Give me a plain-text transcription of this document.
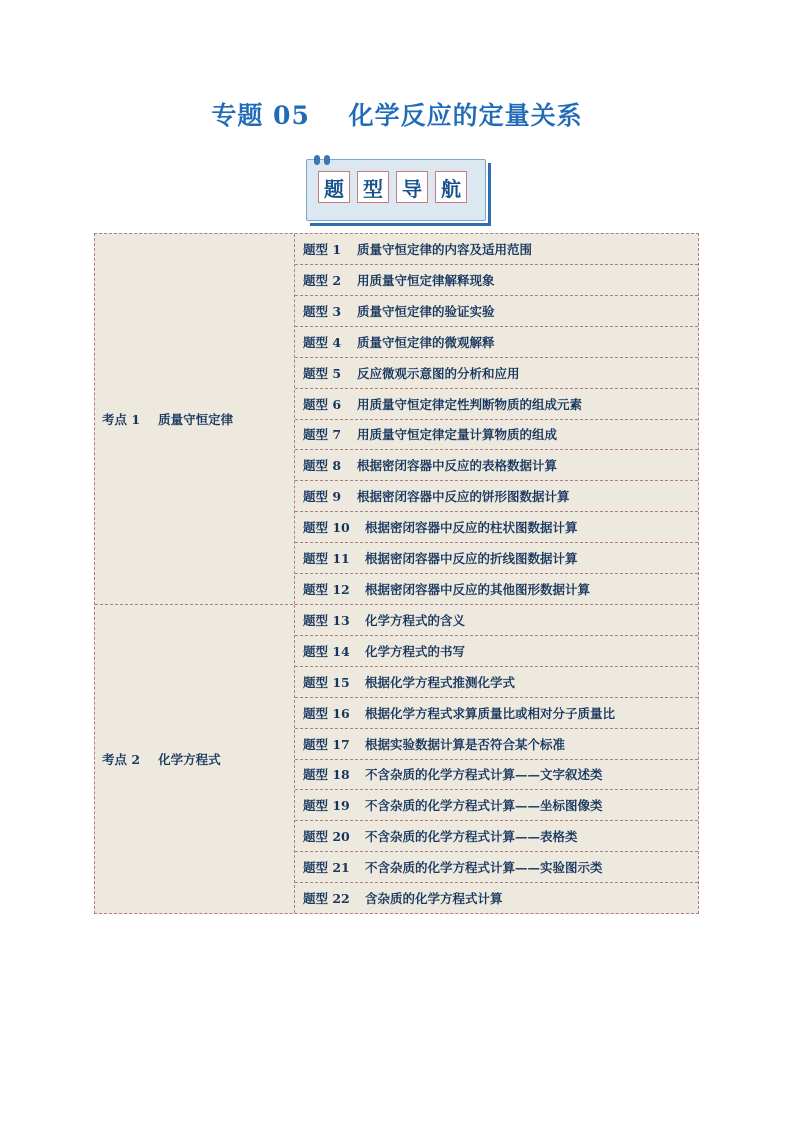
专题 05    化学反应的定量关系
题 型 导 航
考点 1 质量守恒定律
题型 1	质量守恒定律的内容及适用范围
题型 2	用质量守恒定律解释现象
题型 3	质量守恒定律的验证实验
题型 4	质量守恒定律的微观解释
题型 5	反应微观示意图的分析和应用
题型 6	用质量守恒定律定性判断物质的组成元素
题型 7	用质量守恒定律定量计算物质的组成
题型 8	根据密闭容器中反应的表格数据计算
题型 9	根据密闭容器中反应的饼形图数据计算
题型 10	根据密闭容器中反应的柱状图数据计算
题型 11	根据密闭容器中反应的折线图数据计算
题型 12	根据密闭容器中反应的其他图形数据计算
考点 2 化学方程式
题型 13	化学方程式的含义
题型 14	化学方程式的书写
题型 15	根据化学方程式推测化学式
题型 16	根据化学方程式求算质量比或相对分子质量比
题型 17	根据实验数据计算是否符合某个标准
题型 18	不含杂质的化学方程式计算——文字叙述类
题型 19	不含杂质的化学方程式计算——坐标图像类
题型 20	不含杂质的化学方程式计算——表格类
题型 21	不含杂质的化学方程式计算——实验图示类
题型 22	含杂质的化学方程式计算
